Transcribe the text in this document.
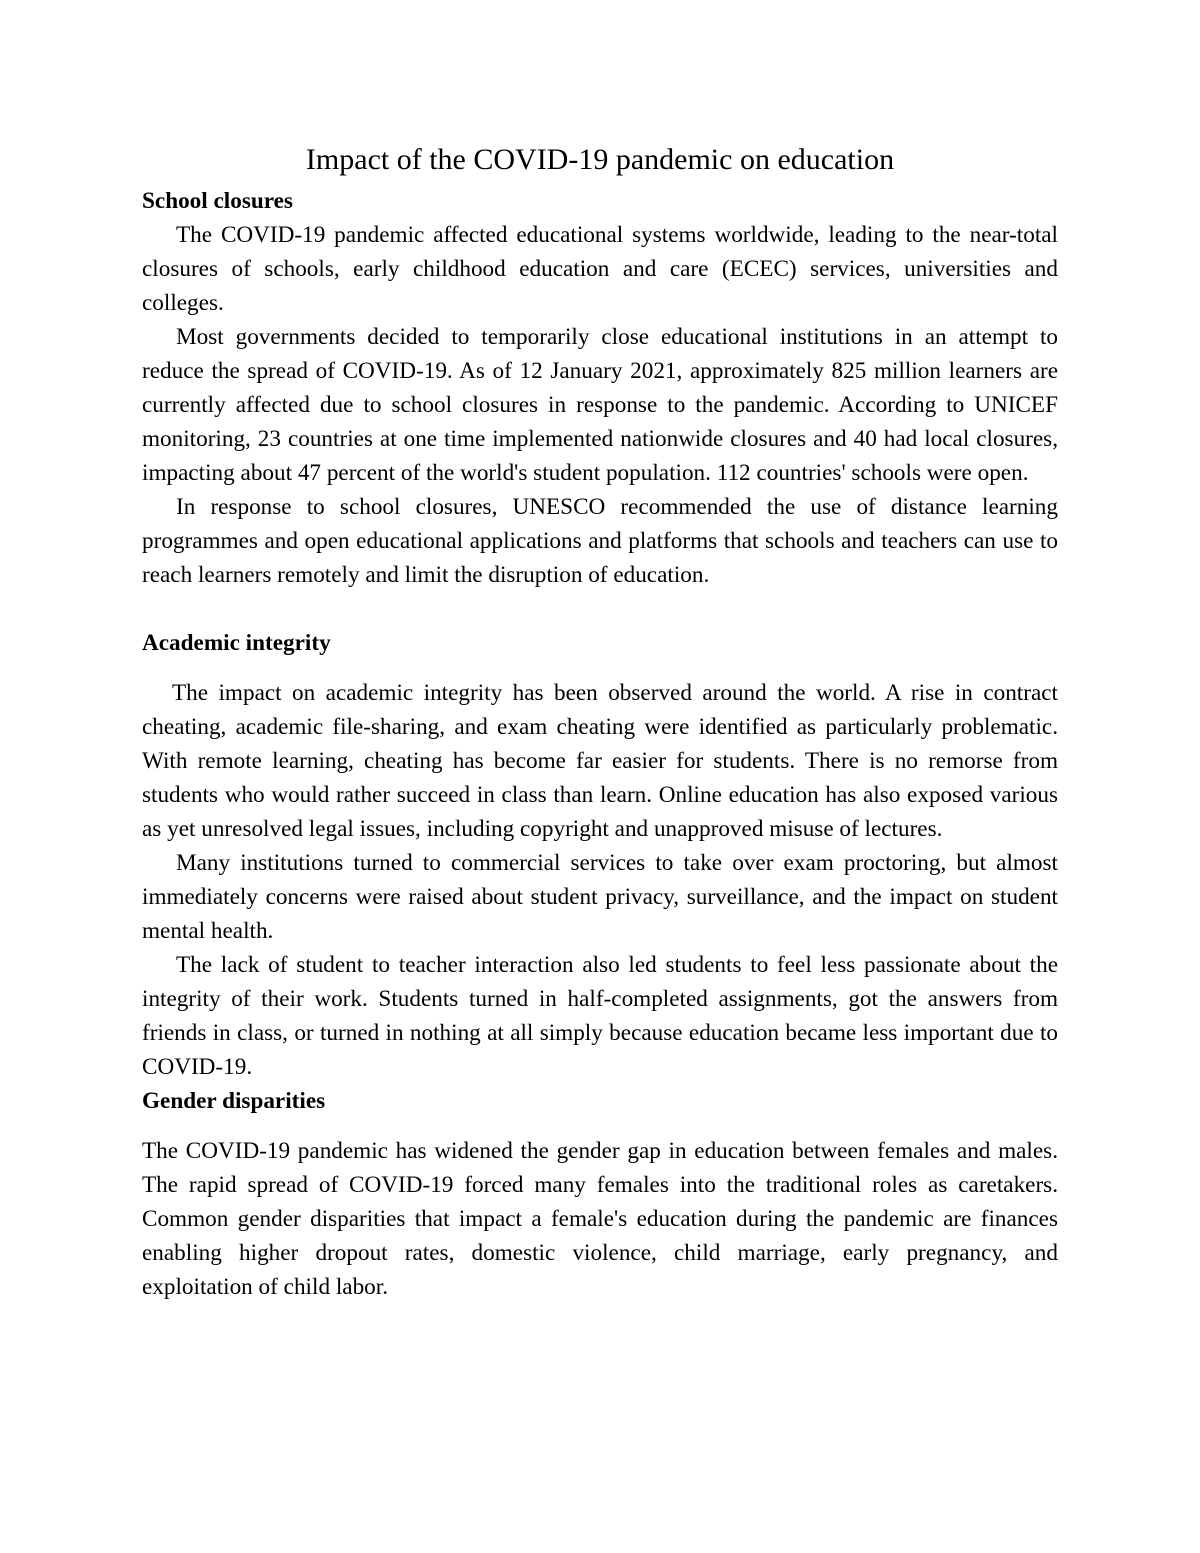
Impact of the COVID-19 pandemic on education
School closures

The COVID-19 pandemic affected educational systems worldwide, leading to the near-total closures of schools, early childhood education and care (ECEC) services, universities and colleges.

Most governments decided to temporarily close educational institutions in an attempt to reduce the spread of COVID-19. As of 12 January 2021, approximately 825 million learners are currently affected due to school closures in response to the pandemic. According to UNICEF monitoring, 23 countries at one time implemented nationwide closures and 40 had local closures, impacting about 47 percent of the world's student population. 112 countries' schools were open.

In response to school closures, UNESCO recommended the use of distance learning programmes and open educational applications and platforms that schools and teachers can use to reach learners remotely and limit the disruption of education.

Academic integrity

The impact on academic integrity has been observed around the world. A rise in contract cheating, academic file-sharing, and exam cheating were identified as particularly problematic. With remote learning, cheating has become far easier for students. There is no remorse from students who would rather succeed in class than learn. Online education has also exposed various as yet unresolved legal issues, including copyright and unapproved misuse of lectures.

Many institutions turned to commercial services to take over exam proctoring, but almost immediately concerns were raised about student privacy, surveillance, and the impact on student mental health.

The lack of student to teacher interaction also led students to feel less passionate about the integrity of their work. Students turned in half-completed assignments, got the answers from friends in class, or turned in nothing at all simply because education became less important due to COVID-19.

Gender disparities

The COVID-19 pandemic has widened the gender gap in education between females and males. The rapid spread of COVID-19 forced many females into the traditional roles as caretakers. Common gender disparities that impact a female's education during the pandemic are finances enabling higher dropout rates, domestic violence, child marriage, early pregnancy, and exploitation of child labor.
